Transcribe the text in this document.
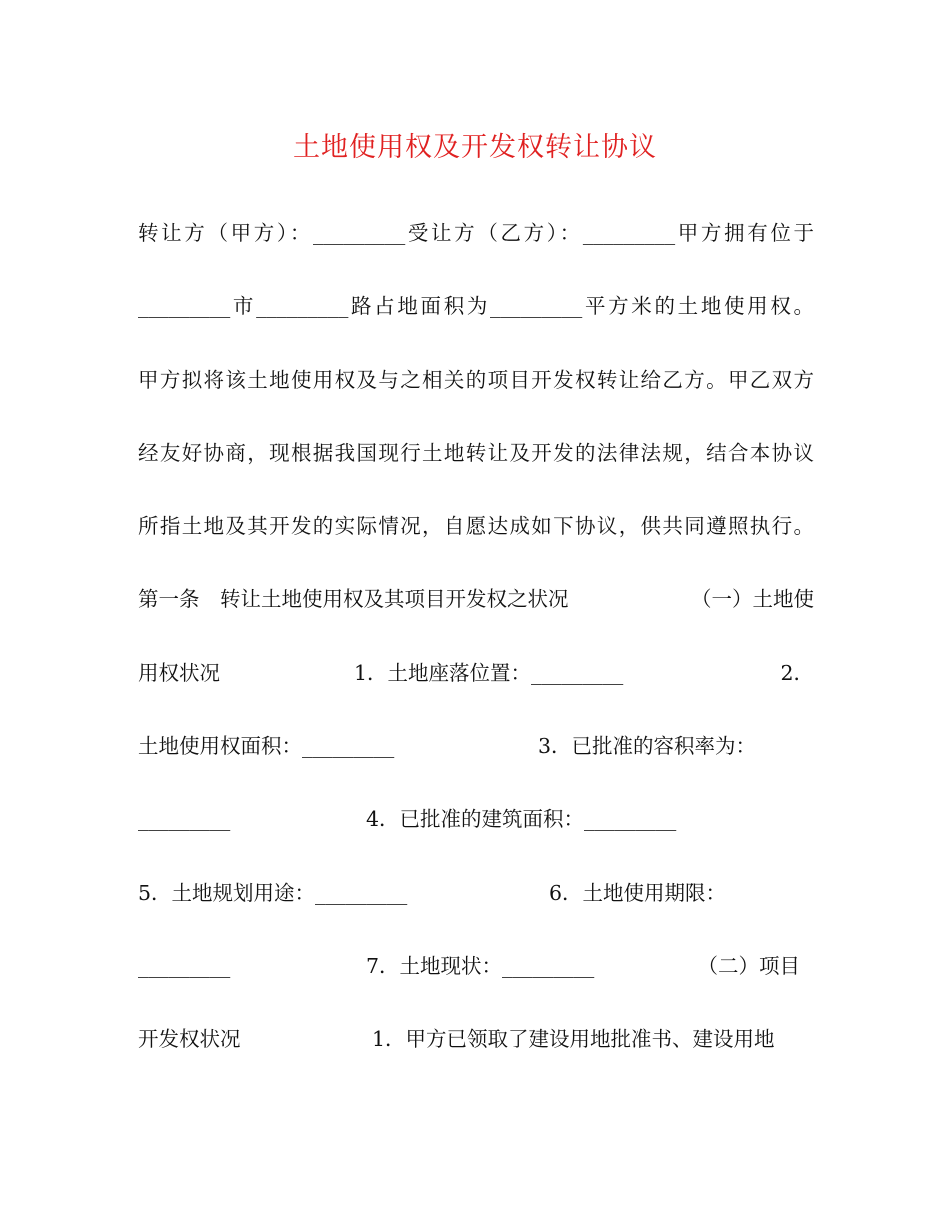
土地使用权及开发权转让协议
转让方（甲方）：_________受让方（乙方）：_________甲方拥有位于
_________市_________路占地面积为_________平方米的土地使用权。
甲方拟将该土地使用权及与之相关的项目开发权转让给乙方。甲乙双方
经友好协商，现根据我国现行土地转让及开发的法律法规，结合本协议
所指土地及其开发的实际情况，自愿达成如下协议，供共同遵照执行。
第一条　转让土地使用权及其项目开发权之状况	（一）土地使
用权状况	1．土地座落位置：_________	2．
土地使用权面积：_________	3．已批准的容积率为：
_________	4．已批准的建筑面积：_________
5．土地规划用途：_________	6．土地使用期限：
_________	7．土地现状：_________	（二）项目
开发权状况	1．甲方已领取了建设用地批准书、建设用地
